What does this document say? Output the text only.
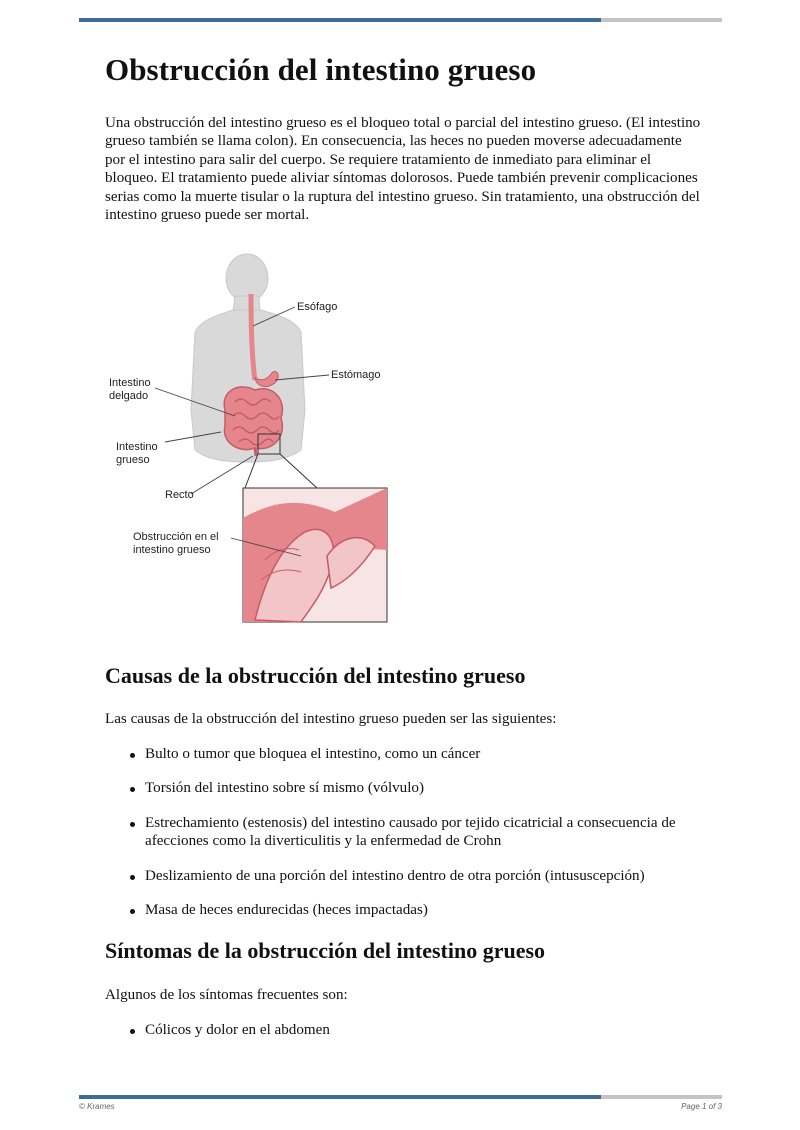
Obstrucción del intestino grueso

Una obstrucción del intestino grueso es el bloqueo total o parcial del intestino grueso. (El intestino grueso también se llama colon). En consecuencia, las heces no pueden moverse adecuadamente por el intestino para salir del cuerpo. Se requiere tratamiento de inmediato para eliminar el bloqueo. El tratamiento puede aliviar síntomas dolorosos. Puede también prevenir complicaciones serias como la muerte tisular o la ruptura del intestino grueso. Sin tratamiento, una obstrucción del intestino grueso puede ser mortal.

Esófago
Estómago
Intestino
delgado
Intestino
grueso
Recto
Obstrucción en el
intestino grueso
Causas de la obstrucción del intestino grueso

Las causas de la obstrucción del intestino grueso pueden ser las siguientes:

Bulto o tumor que bloquea el intestino, como un cáncer
Torsión del intestino sobre sí mismo (vólvulo)
Estrechamiento (estenosis) del intestino causado por tejido cicatricial a consecuencia de afecciones como la diverticulitis y la enfermedad de Crohn
Deslizamiento de una porción del intestino dentro de otra porción (intususcepción)
Masa de heces endurecidas (heces impactadas)
Síntomas de la obstrucción del intestino grueso

Algunos de los síntomas frecuentes son:

Cólicos y dolor en el abdomen
© Krames	Page 1 of 3
